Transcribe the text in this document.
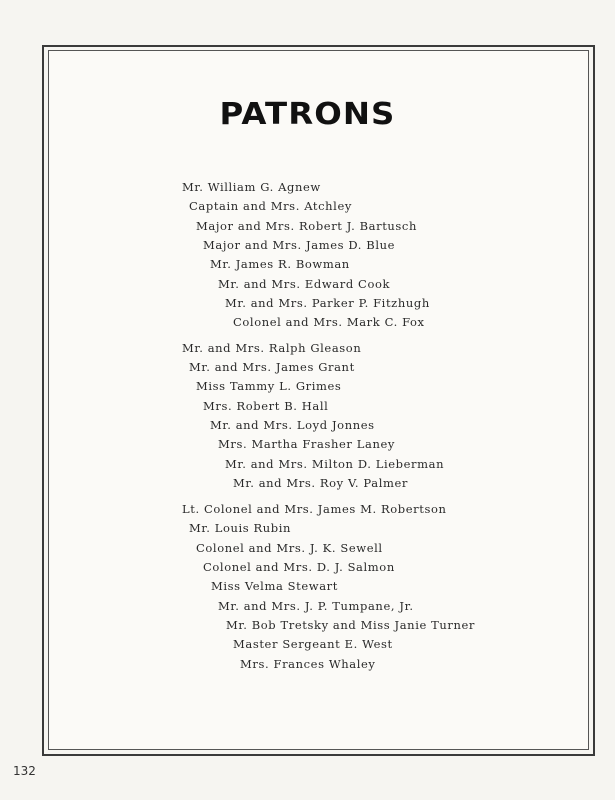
PATRONS
Mr. William G. Agnew
Captain and Mrs. Atchley
Major and Mrs. Robert J. Bartusch
Major and Mrs. James D. Blue
Mr. James R. Bowman
Mr. and Mrs. Edward Cook
Mr. and Mrs. Parker P. Fitzhugh
Colonel and Mrs. Mark C. Fox
Mr. and Mrs. Ralph Gleason
Mr. and Mrs. James Grant
Miss Tammy L. Grimes
Mrs. Robert B. Hall
Mr. and Mrs. Loyd Jonnes
Mrs. Martha Frasher Laney
Mr. and Mrs. Milton D. Lieberman
Mr. and Mrs. Roy V. Palmer
Lt. Colonel and Mrs. James M. Robertson
Mr. Louis Rubin
Colonel and Mrs. J. K. Sewell
Colonel and Mrs. D. J. Salmon
Miss Velma Stewart
Mr. and Mrs. J. P. Tumpane, Jr.
Mr. Bob Tretsky and Miss Janie Turner
Master Sergeant E. West
Mrs. Frances Whaley
132
